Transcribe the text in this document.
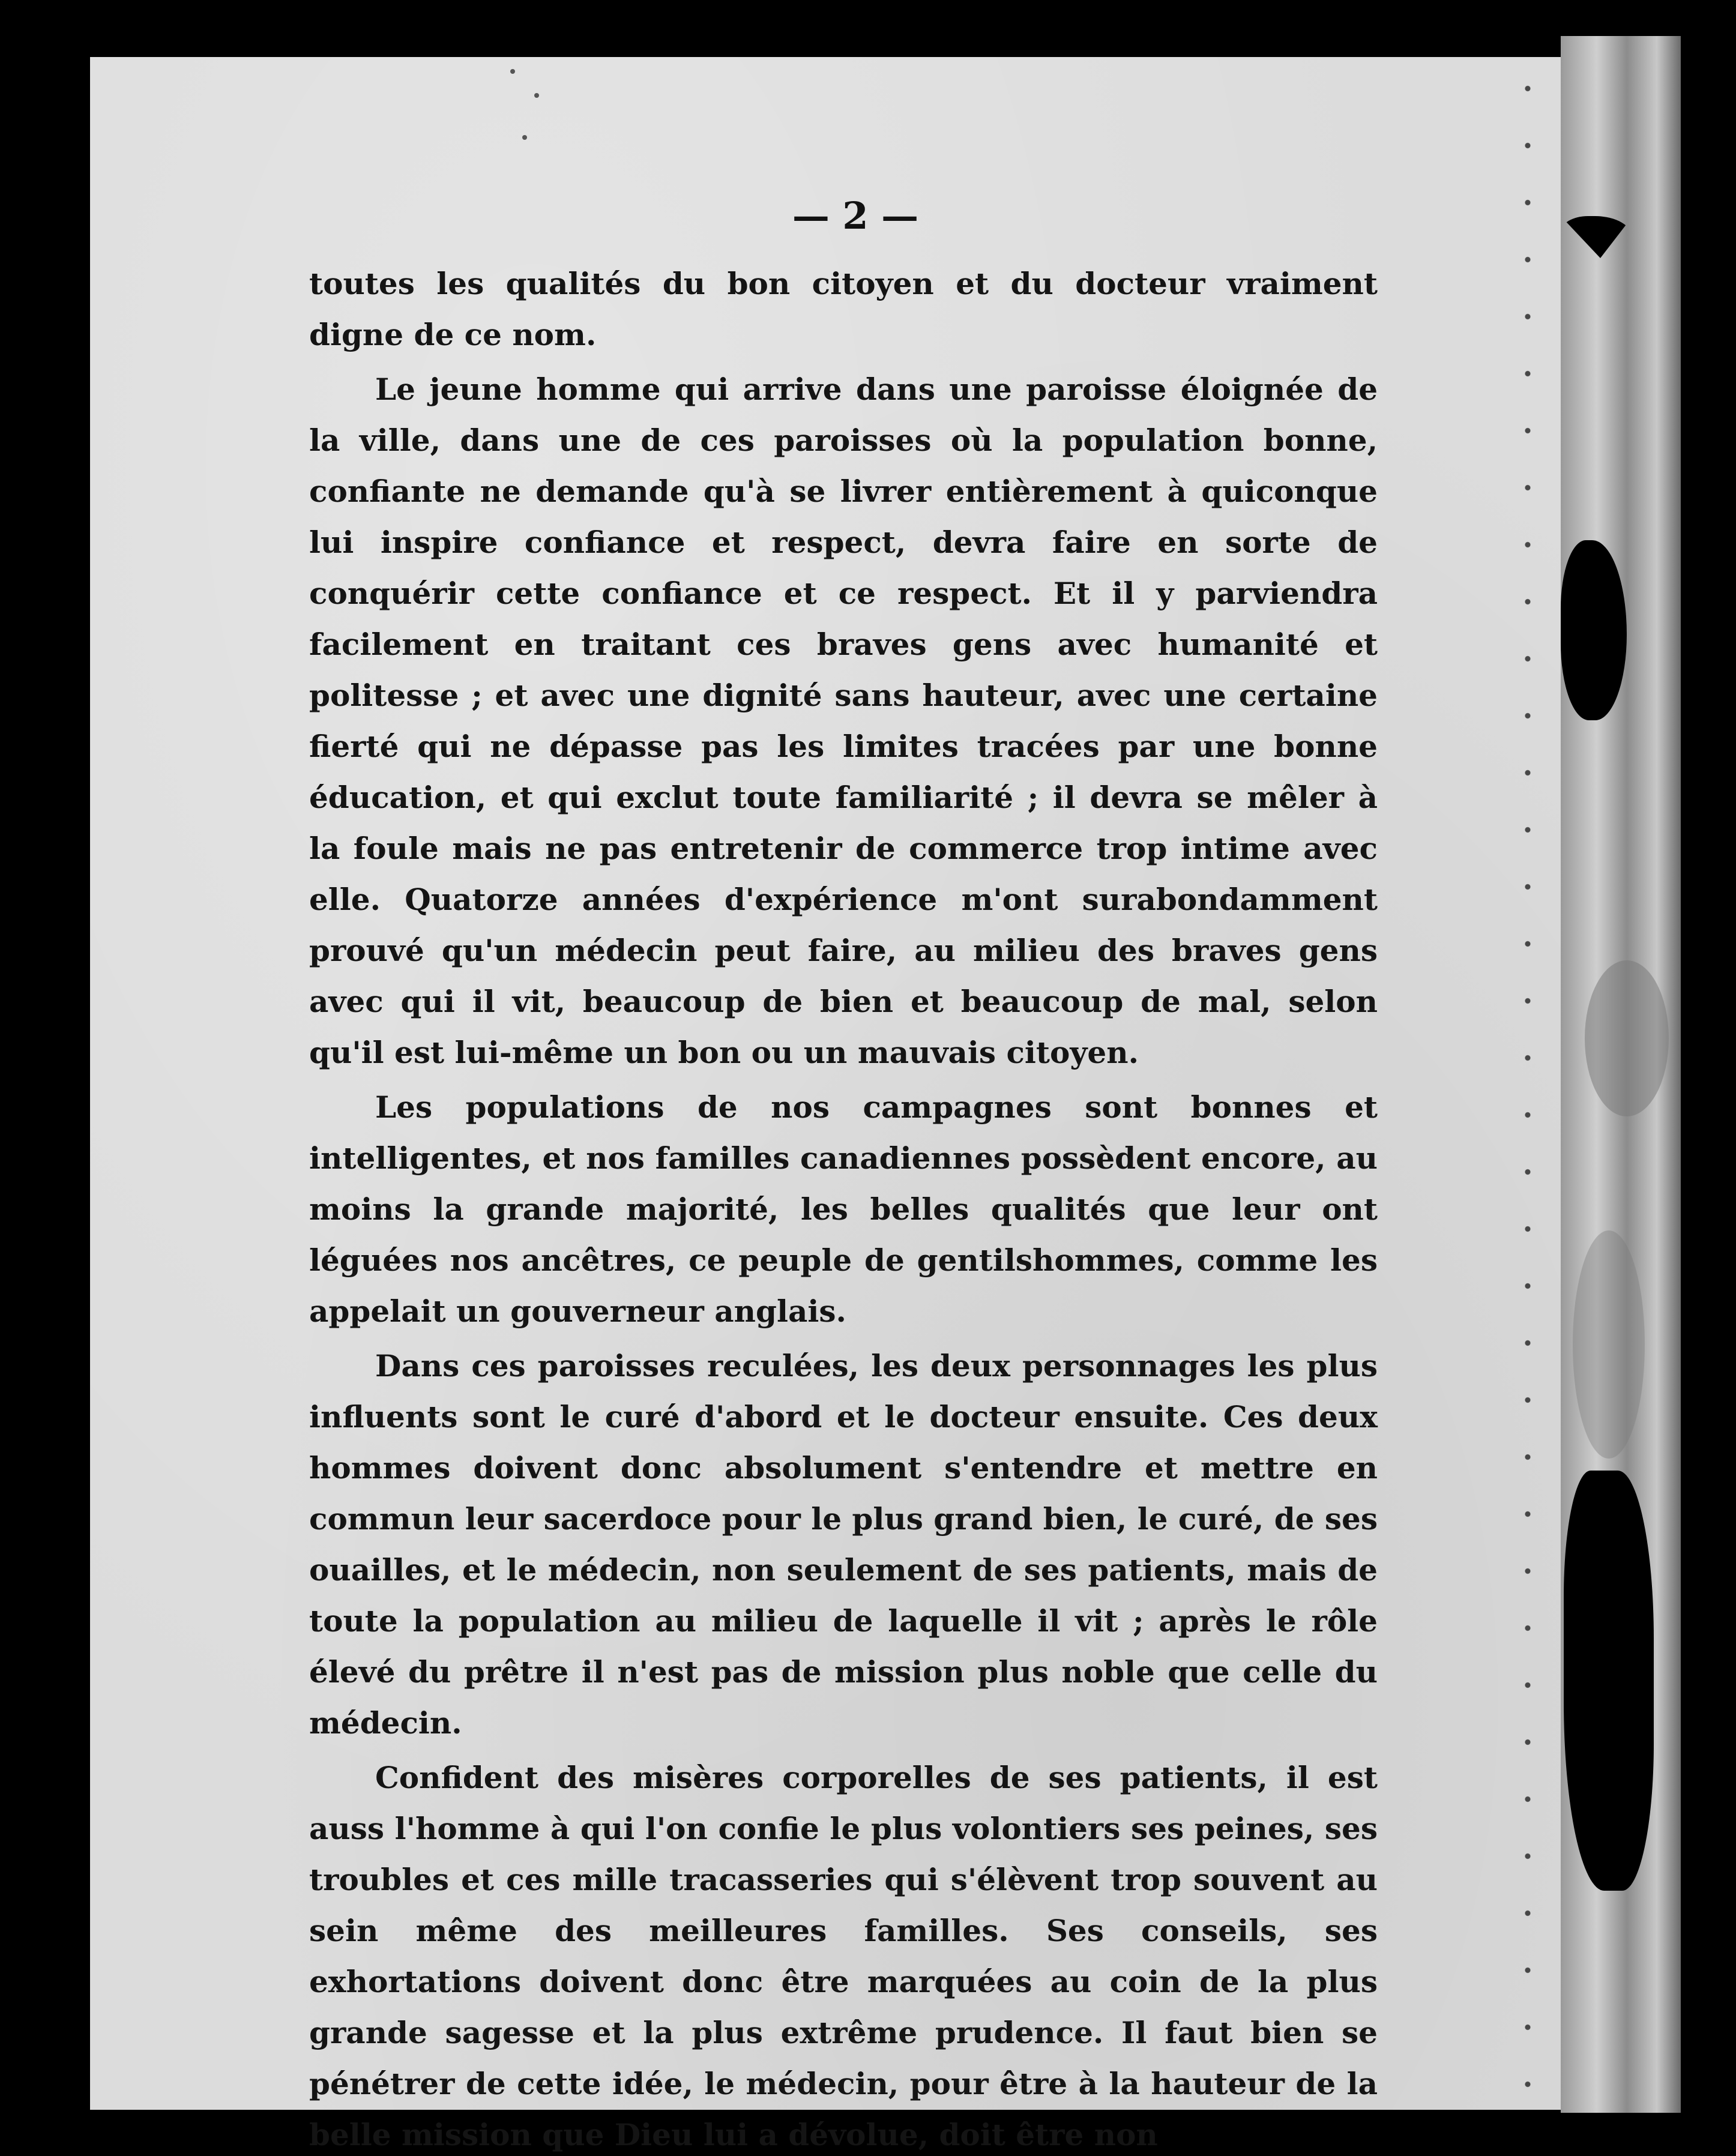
— 2 —

toutes les qualités du bon citoyen et du docteur vraiment digne de ce nom.

Le jeune homme qui arrive dans une paroisse éloignée de la ville, dans une de ces paroisses où la population bonne, confiante ne demande qu'à se livrer entièrement à quiconque lui inspire confiance et respect, devra faire en sorte de conquérir cette confiance et ce respect. Et il y parviendra facilement en traitant ces braves gens avec humanité et politesse ; et avec une dignité sans hauteur, avec une certaine fierté qui ne dépasse pas les limites tracées par une bonne éducation, et qui exclut toute familiarité ; il devra se mêler à la foule mais ne pas entretenir de commerce trop intime avec elle. Quatorze années d'expérience m'ont surabondamment prouvé qu'un médecin peut faire, au milieu des braves gens avec qui il vit, beaucoup de bien et beaucoup de mal, selon qu'il est lui-même un bon ou un mauvais citoyen.

Les populations de nos campagnes sont bonnes et intelligentes, et nos familles canadiennes possèdent encore, au moins la grande majorité, les belles qualités que leur ont léguées nos ancêtres, ce peuple de gentilshommes, comme les appelait un gouverneur anglais.

Dans ces paroisses reculées, les deux personnages les plus influents sont le curé d'abord et le docteur ensuite. Ces deux hommes doivent donc absolument s'entendre et mettre en commun leur sacerdoce pour le plus grand bien, le curé, de ses ouailles, et le médecin, non seulement de ses patients, mais de toute la population au milieu de laquelle il vit ; après le rôle élevé du prêtre il n'est pas de mission plus noble que celle du médecin.

Confident des misères corporelles de ses patients, il est auss l'homme à qui l'on confie le plus volontiers ses peines, ses troubles et ces mille tracasseries qui s'élèvent trop souvent au sein même des meilleures familles. Ses conseils, ses exhortations doivent donc être marquées au coin de la plus grande sagesse et la plus extrême prudence. Il faut bien se pénétrer de cette idée, le médecin, pour être à la hauteur de la belle mission que Dieu lui a dévolue, doit être non
